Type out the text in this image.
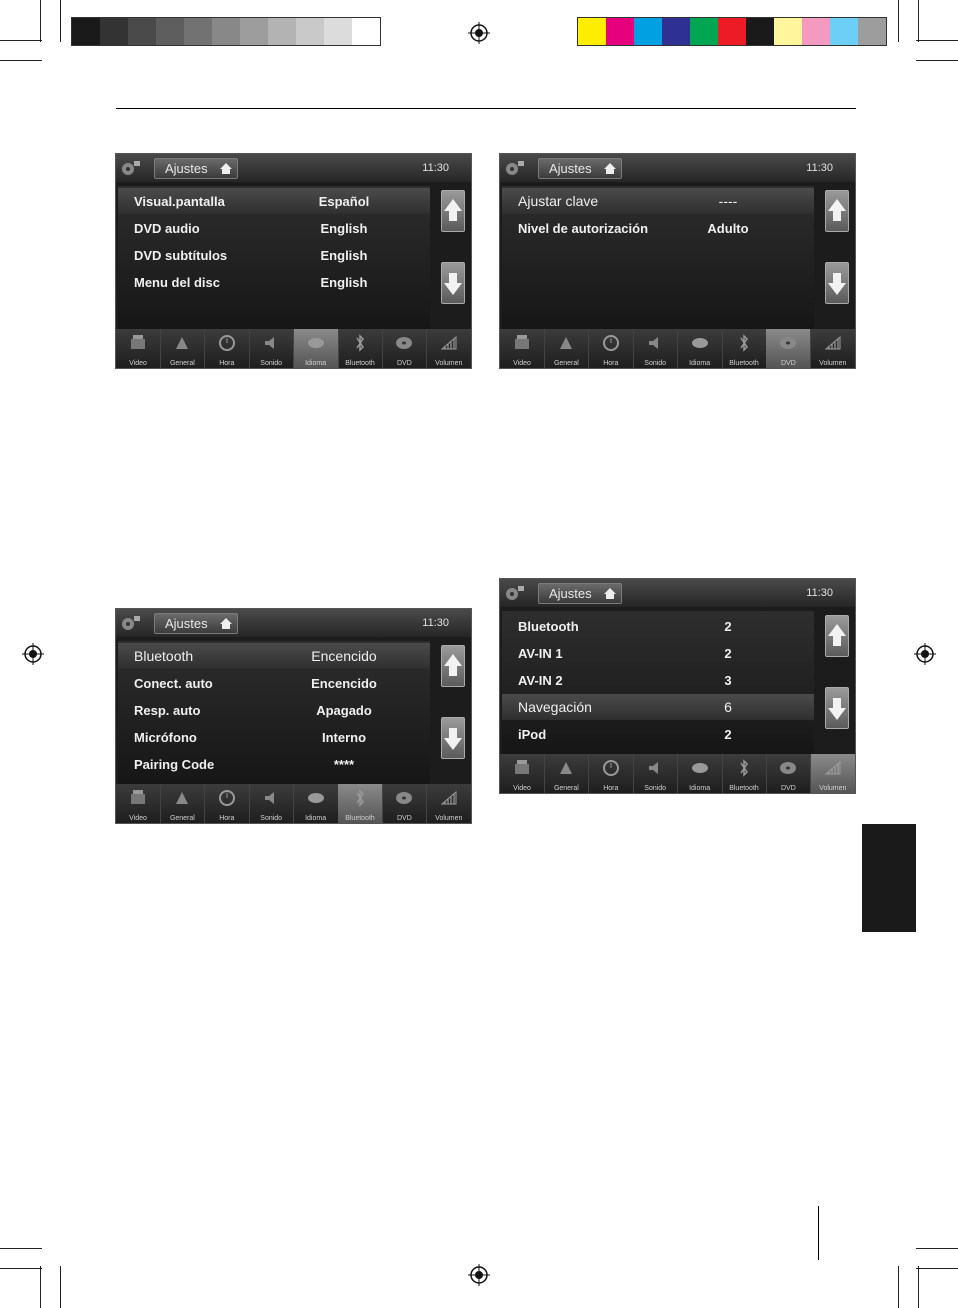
Ajustes	11:30
Visual.pantalla	Español
DVD audio	English
DVD subtítulos	English
Menu del disc	English
Video	General	Hora	Sonido	Idioma	Bluetooth	DVD	Volumen
Ajustes	11:30
Ajustar clave	----
Nivel de autorización	Adulto
Video	General	Hora	Sonido	Idioma	Bluetooth	DVD	Volumen
Ajustes	11:30
Bluetooth	Encencido
Conect. auto	Encencido
Resp. auto	Apagado
Micrófono	Interno
Pairing Code	****
Video	General	Hora	Sonido	Idioma	Bluetooth	DVD	Volumen
Ajustes	11:30
Bluetooth	2
AV-IN 1	2
AV-IN 2	3
Navegación	6
iPod	2
Video	General	Hora	Sonido	Idioma	Bluetooth	DVD	Volumen
